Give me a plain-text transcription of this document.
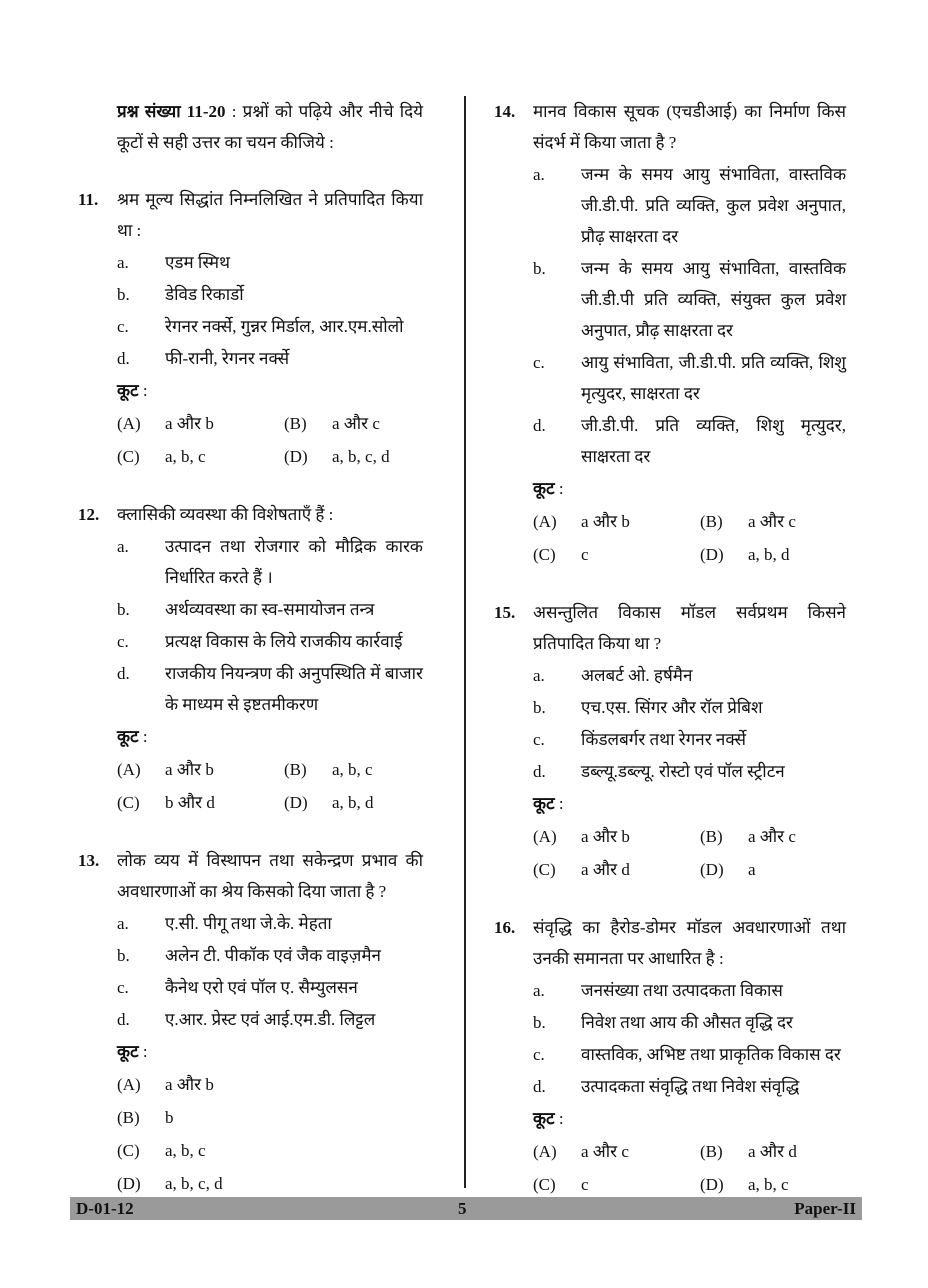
प्रश्न संख्या 11-20 : प्रश्नों को पढ़िये और नीचे दिये कूटों से सही उत्तर का चयन कीजिये :
11.	श्रम मूल्य सिद्धांत निम्नलिखित ने प्रतिपादित किया था :
a.	एडम स्मिथ
b.	डेविड रिकार्डो
c.	रेगनर नर्क्से, गुन्नर मिर्डाल, आर.एम.सोलो
d.	फी-रानी, रेगनर नर्क्से
कूट :
(A)	a और b	(B)	a और c
(C)	a, b, c	(D)	a, b, c, d
12.	क्लासिकी व्यवस्था की विशेषताएँ हैं :
a.	उत्पादन तथा रोजगार को मौद्रिक कारक निर्धारित करते हैं ।
b.	अर्थव्यवस्था का स्व-समायोजन तन्त्र
c.	प्रत्यक्ष विकास के लिये राजकीय कार्रवाई
d.	राजकीय नियन्त्रण की अनुपस्थिति में बाजार के माध्यम से इष्टतमीकरण
कूट :
(A)	a और b	(B)	a, b, c
(C)	b और d	(D)	a, b, d
13.	लोक व्यय में विस्थापन तथा सकेन्द्रण प्रभाव की अवधारणाओं का श्रेय किसको दिया जाता है ?
a.	ए.सी. पीगू तथा जे.के. मेहता
b.	अलेन टी. पीकॉक एवं जैक वाइज़मैन
c.	कैनेथ एरो एवं पॉल ए. सैम्युलसन
d.	ए.आर. प्रेस्ट एवं आई.एम.डी. लिट्टल
कूट :
(A)	a और b
(B)	b
(C)	a, b, c
(D)	a, b, c, d
14.	मानव विकास सूचक (एचडीआई) का निर्माण किस संदर्भ में किया जाता है ?
a.	जन्म के समय आयु संभाविता, वास्तविक जी.डी.पी. प्रति व्यक्ति, कुल प्रवेश अनुपात, प्रौढ़ साक्षरता दर
b.	जन्म के समय आयु संभाविता, वास्तविक जी.डी.पी प्रति व्यक्ति, संयुक्त कुल प्रवेश अनुपात, प्रौढ़ साक्षरता दर
c.	आयु संभाविता, जी.डी.पी. प्रति व्यक्ति, शिशु मृत्युदर, साक्षरता दर
d.	जी.डी.पी. प्रति व्यक्ति, शिशु मृत्युदर, साक्षरता दर
कूट :
(A)	a और b	(B)	a और c
(C)	c	(D)	a, b, d
15.	असन्तुलित विकास मॉडल सर्वप्रथम किसने प्रतिपादित किया था ?
a.	अलबर्ट ओ. हर्षमैन
b.	एच.एस. सिंगर और रॉल प्रेबिश
c.	किंडलबर्गर तथा रेगनर नर्क्से
d.	डब्ल्यू.डब्ल्यू. रोस्टो एवं पॉल स्ट्रीटन
कूट :
(A)	a और b	(B)	a और c
(C)	a और d	(D)	a
16.	संवृद्धि का हैरोड-डोमर मॉडल अवधारणाओं तथा उनकी समानता पर आधारित है :
a.	जनसंख्या तथा उत्पादकता विकास
b.	निवेश तथा आय की औसत वृद्धि दर
c.	वास्तविक, अभिष्ट तथा प्राकृतिक विकास दर
d.	उत्पादकता संवृद्धि तथा निवेश संवृद्धि
कूट :
(A)	a और c	(B)	a और d
(C)	c	(D)	a, b, c
D-01-12	5	Paper-II
